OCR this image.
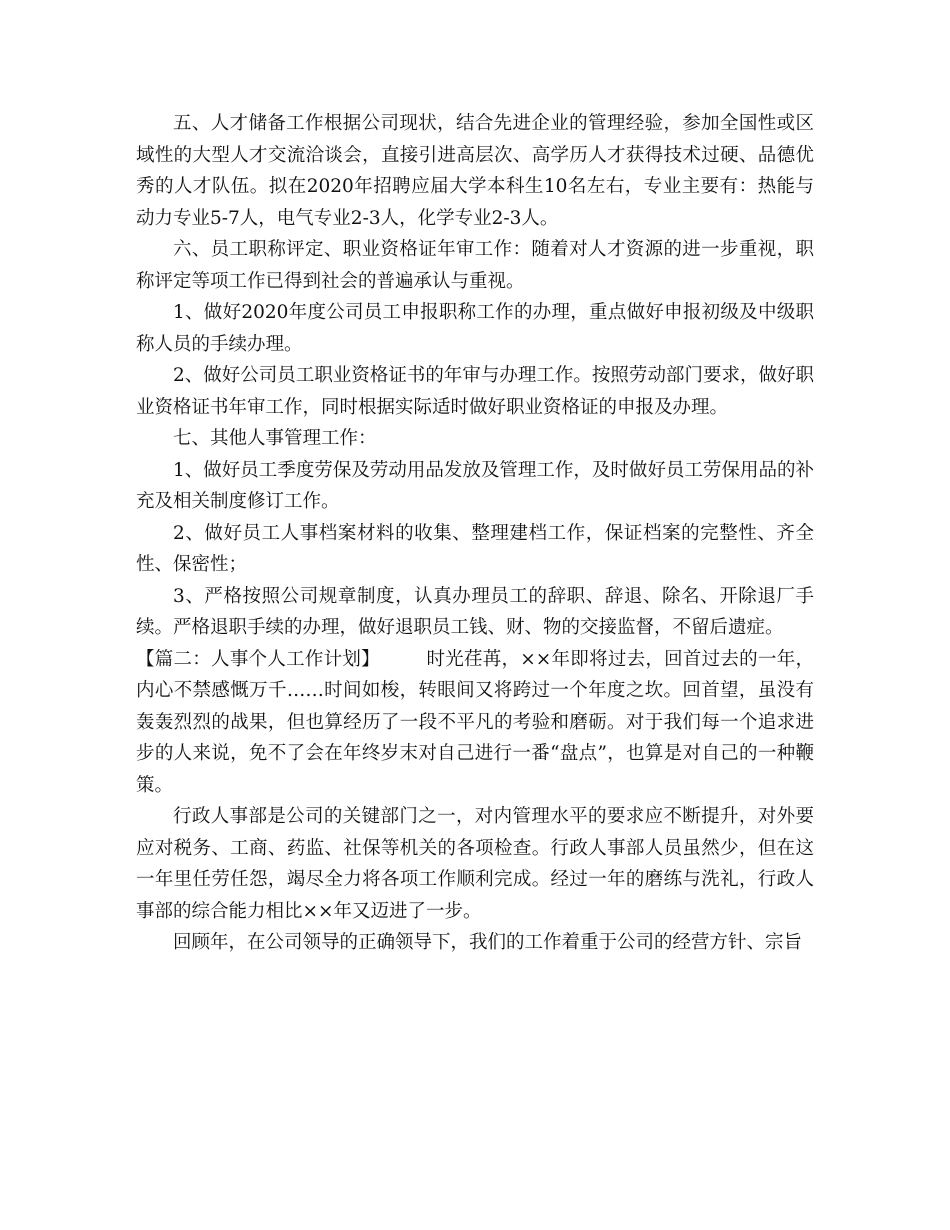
五、人才储备工作根据公司现状，结合先进企业的管理经验，参加全国性或区域性的大型人才交流洽谈会，直接引进高层次、高学历人才获得技术过硬、品德优秀的人才队伍。拟在2020年招聘应届大学本科生10名左右，专业主要有：热能与动力专业5-7人，电气专业2-3人，化学专业2-3人。

六、员工职称评定、职业资格证年审工作：随着对人才资源的进一步重视，职称评定等项工作已得到社会的普遍承认与重视。

1、做好2020年度公司员工申报职称工作的办理，重点做好申报初级及中级职称人员的手续办理。

2、做好公司员工职业资格证书的年审与办理工作。按照劳动部门要求，做好职业资格证书年审工作，同时根据实际适时做好职业资格证的申报及办理。

七、其他人事管理工作：

1、做好员工季度劳保及劳动用品发放及管理工作，及时做好员工劳保用品的补充及相关制度修订工作。

2、做好员工人事档案材料的收集、整理建档工作，保证档案的完整性、齐全性、保密性；

3、严格按照公司规章制度，认真办理员工的辞职、辞退、除名、开除退厂手续。严格退职手续的办理，做好退职员工钱、财、物的交接监督，不留后遗症。

【篇二：人事个人工作计划】	时光荏苒，××年即将过去，回首过去的一年，内心不禁感慨万千……时间如梭，转眼间又将跨过一个年度之坎。回首望，虽没有轰轰烈烈的战果，但也算经历了一段不平凡的考验和磨砺。对于我们每一个追求进步的人来说，免不了会在年终岁末对自己进行一番“盘点”，也算是对自己的一种鞭策。

行政人事部是公司的关键部门之一，对内管理水平的要求应不断提升，对外要应对税务、工商、药监、社保等机关的各项检查。行政人事部人员虽然少，但在这一年里任劳任怨，竭尽全力将各项工作顺利完成。经过一年的磨练与洗礼，行政人事部的综合能力相比××年又迈进了一步。

回顾年，在公司领导的正确领导下，我们的工作着重于公司的经营方针、宗旨
